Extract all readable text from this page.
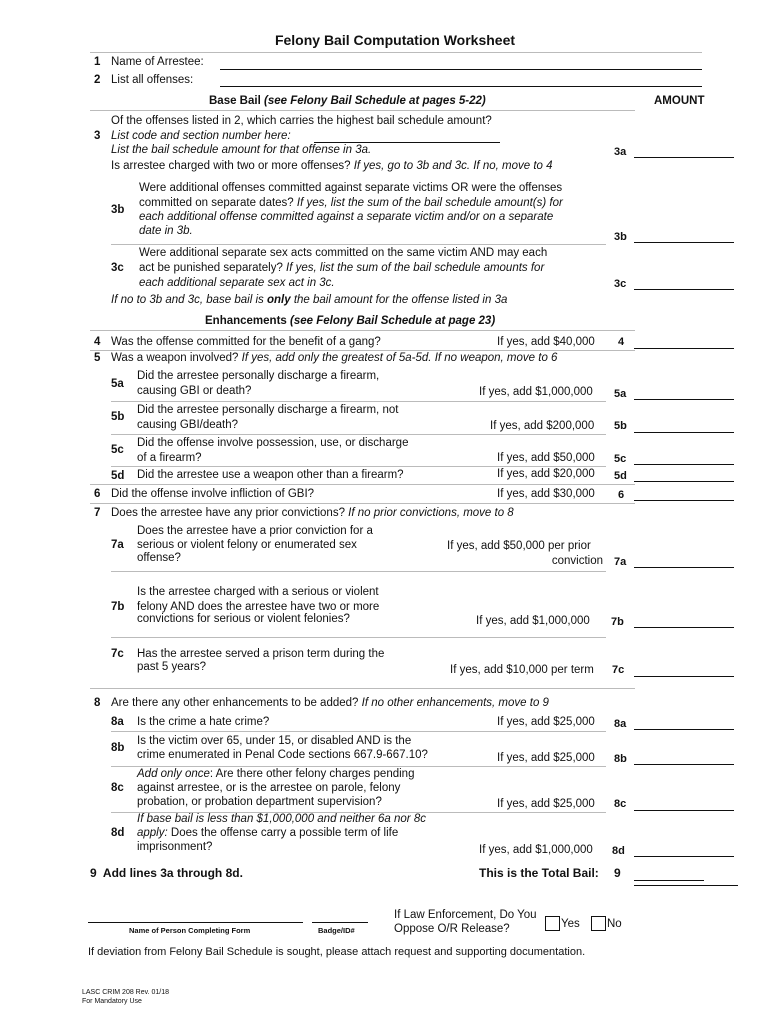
Felony Bail Computation Worksheet
1 Name of Arrestee:
2 List all offenses:
Base Bail (see Felony Bail Schedule at pages 5-22)	AMOUNT
Of the offenses listed in 2, which carries the highest bail schedule amount?
3 List code and section number here:
List the bail schedule amount for that offense in 3a.	3a
Is arrestee charged with two or more offenses? If yes, go to 3b and 3c. If no, move to 4
Were additional offenses committed against separate victims OR were the offenses
3b
committed on separate dates? If yes, list the sum of the bail schedule amount(s) for
each additional offense committed against a separate victim and/or on a separate
date in 3b.	3b
Were additional separate sex acts committed on the same victim AND may each
3c act be punished separately? If yes, list the sum of the bail schedule amounts for
each additional separate sex act in 3c.	3c
If no to 3b and 3c, base bail is only the bail amount for the offense listed in 3a
Enhancements (see Felony Bail Schedule at page 23)
4 Was the offense committed for the benefit of a gang?	If yes, add $40,000 4
5 Was a weapon involved? If yes, add only the greatest of 5a-5d. If no weapon, move to 6
5a
Did the arrestee personally discharge a firearm,
causing GBI or death?	If yes, add $1,000,000 5a
5b
Did the arrestee personally discharge a firearm, not
causing GBI/death?	If yes, add $200,000 5b
5c
Did the offense involve possession, use, or discharge
of a firearm?	If yes, add $50,000 5c
5d Did the arrestee use a weapon other than a firearm?	If yes, add $20,000 5d
6 Did the offense involve infliction of GBI?	If yes, add $30,000 6
7 Does the arrestee have any prior convictions? If no prior convictions, move to 8
7a
Does the arrestee have a prior conviction for a
serious or violent felony or enumerated sex
offense?
If yes, add $50,000 per prior
conviction 7a
7b
Is the arrestee charged with a serious or violent
felony AND does the arrestee have two or more
convictions for serious or violent felonies?	If yes, add $1,000,000 7b
7c Has the arrestee served a prison term during the
past 5 years?	If yes, add $10,000 per term 7c
8 Are there any other enhancements to be added? If no other enhancements, move to 9
8a Is the crime a hate crime?	If yes, add $25,000 8a
8b
Is the victim over 65, under 15, or disabled AND is the
crime enumerated in Penal Code sections 667.9-667.10?	If yes, add $25,000 8b
8c
Add only once: Are there other felony charges pending
against arrestee, or is the arrestee on parole, felony
probation, or probation department supervision?	If yes, add $25,000 8c
8d
If base bail is less than $1,000,000 and neither 6a nor 8c
apply: Does the offense carry a possible term of life
imprisonment?	If yes, add $1,000,000 8d
9 Add lines 3a through 8d.	This is the Total Bail: 9
Name of Person Completing Form	Badge/ID#
If Law Enforcement, Do You
Oppose O/R Release?	Yes No
If deviation from Felony Bail Schedule is sought, please attach request and supporting documentation.
LASC CRIM 208 Rev. 01/18
For Mandatory Use
